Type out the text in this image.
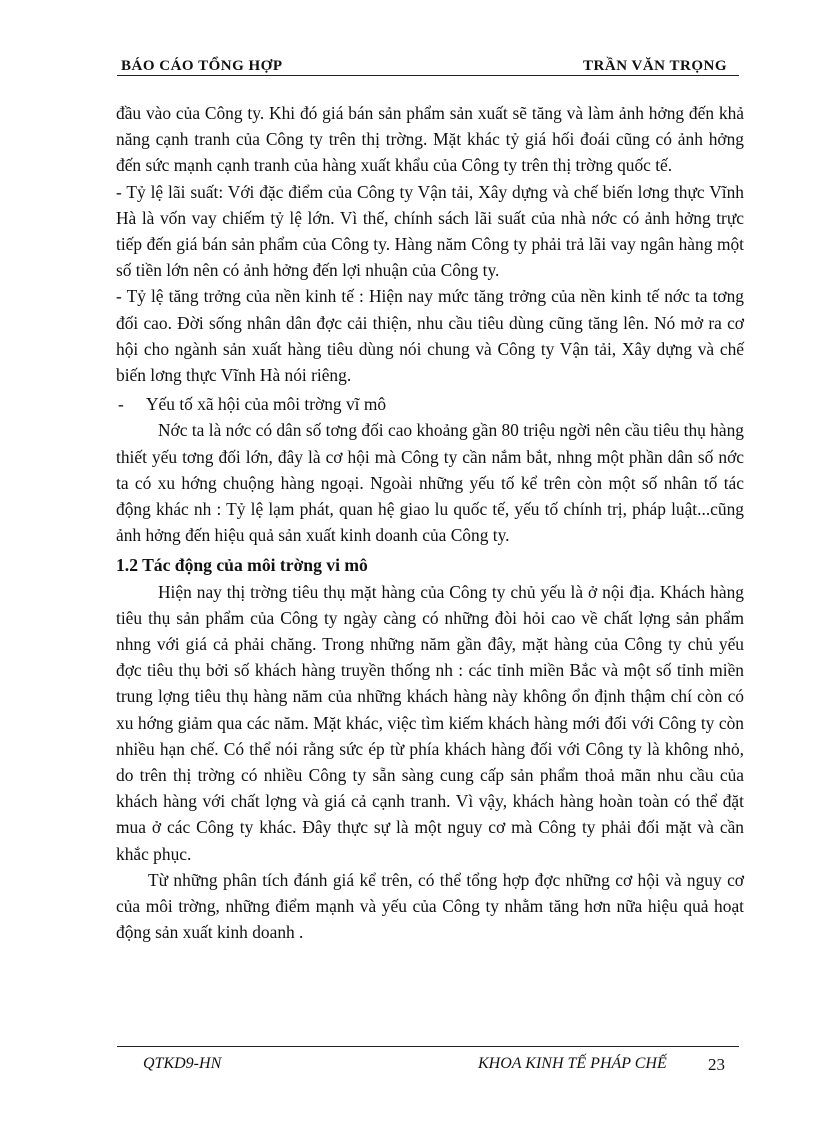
BÁO CÁO TỔNG HỢP	TRẦN VĂN TRỌNG

đầu vào của Công ty. Khi đó giá bán sản phẩm sản xuất sẽ tăng và làm ảnh hởng đến khả năng cạnh tranh của Công ty trên thị trờng. Mặt khác tỷ giá hối đoái cũng có ảnh hởng đến sức mạnh cạnh tranh của hàng xuất khẩu của Công ty trên thị trờng quốc tế.

- Tỷ lệ lãi suất: Với đặc điểm của Công ty Vận tải, Xây dựng và chế biến lơng thực Vĩnh Hà là vốn vay chiếm tỷ lệ lớn. Vì thế, chính sách lãi suất của nhà nớc có ảnh hởng trực tiếp đến giá bán sản phẩm của Công ty. Hàng năm Công ty phải trả lãi vay ngân hàng một số tiền lớn nên có ảnh hởng đến lợi nhuận của Công ty.

- Tỷ lệ tăng trởng của nền kinh tế : Hiện nay mức tăng trởng của nền kinh tế nớc ta tơng đối cao. Đời sống nhân dân đợc cải thiện, nhu cầu tiêu dùng cũng tăng lên. Nó mở ra cơ hội cho ngành sản xuất hàng tiêu dùng nói chung và Công ty Vận tải, Xây dựng và chế biến lơng thực Vĩnh Hà nói riêng.

- Yếu tố xã hội của môi trờng vĩ mô

Nớc ta là nớc có dân số tơng đối cao khoảng gần 80 triệu ngời nên cầu tiêu thụ hàng thiết yếu tơng đối lớn, đây là cơ hội mà Công ty cần nắm bắt, nhng một phần dân số nớc ta có xu hớng chuộng hàng ngoại. Ngoài những yếu tố kể trên còn một số nhân tố tác động khác nh : Tỷ lệ lạm phát, quan hệ giao lu quốc tế, yếu tố chính trị, pháp luật...cũng ảnh hởng đến hiệu quả sản xuất kinh doanh của Công ty.

1.2 Tác động của môi trờng vi mô

Hiện nay thị trờng tiêu thụ mặt hàng của Công ty chủ yếu là ở nội địa. Khách hàng tiêu thụ sản phẩm của Công ty ngày càng có những đòi hỏi cao về chất lợng sản phẩm nhng với giá cả phải chăng. Trong những năm gần đây, mặt hàng của Công ty chủ yếu đợc tiêu thụ bởi số khách hàng truyền thống nh : các tỉnh miền Bắc và một số tỉnh miền trung lợng tiêu thụ hàng năm của những khách hàng này không ổn định thậm chí còn có xu hớng giảm qua các năm. Mặt khác, việc tìm kiếm khách hàng mới đối với Công ty còn nhiều hạn chế. Có thể nói rằng sức ép từ phía khách hàng đối với Công ty là không nhỏ, do trên thị trờng có nhiều Công ty sẵn sàng cung cấp sản phẩm thoả mãn nhu cầu của khách hàng với chất lợng và giá cả cạnh tranh. Vì vậy, khách hàng hoàn toàn có thể đặt mua ở các Công ty khác. Đây thực sự là một nguy cơ mà Công ty phải đối mặt và cần khắc phục.

Từ những phân tích đánh giá kể trên, có thể tổng hợp đợc những cơ hội và nguy cơ của môi trờng, những điểm mạnh và yếu của Công ty nhằm tăng hơn nữa hiệu quả hoạt động sản xuất kinh doanh .

QTKD9-HN	KHOA KINH TẾ PHÁP CHẾ 23
